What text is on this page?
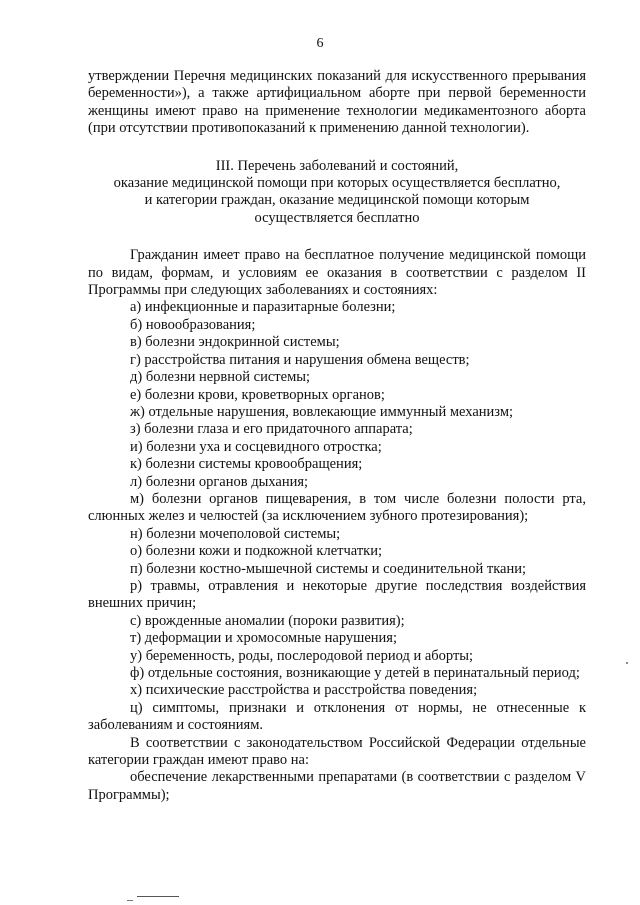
6

утверждении Перечня медицинских показаний для искусственного прерывания беременности»), а также артифициальном аборте при первой беременности женщины имеют право на применение технологии медикаментозного аборта (при отсутствии противопоказаний к применению данной технологии).

III. Перечень заболеваний и состояний,
оказание медицинской помощи при которых осуществляется бесплатно,
и категории граждан, оказание медицинской помощи которым
осуществляется бесплатно

Гражданин имеет право на бесплатное получение медицинской помощи по видам, формам, и условиям ее оказания в соответствии с разделом II Программы при следующих заболеваниях и состояниях:

а) инфекционные и паразитарные болезни;
б) новообразования;
в) болезни эндокринной системы;
г) расстройства питания и нарушения обмена веществ;
д) болезни нервной системы;
е) болезни крови, кроветворных органов;
ж) отдельные нарушения, вовлекающие иммунный механизм;
з) болезни глаза и его придаточного аппарата;
и) болезни уха и сосцевидного отростка;
к) болезни системы кровообращения;
л) болезни органов дыхания;
м) болезни органов пищеварения, в том числе болезни полости рта, слюнных желез и челюстей (за исключением зубного протезирования);
н) болезни мочеполовой системы;
о) болезни кожи и подкожной клетчатки;
п) болезни костно-мышечной системы и соединительной ткани;
р) травмы, отравления и некоторые другие последствия воздействия внешних причин;
с) врожденные аномалии (пороки развития);
т) деформации и хромосомные нарушения;
у) беременность, роды, послеродовой период и аборты;
ф) отдельные состояния, возникающие у детей в перинатальный период;
х) психические расстройства и расстройства поведения;
ц) симптомы, признаки и отклонения от нормы, не отнесенные к заболеваниям и состояниям.

В соответствии с законодательством Российской Федерации отдельные категории граждан имеют право на:

обеспечение лекарственными препаратами (в соответствии с разделом V Программы);
